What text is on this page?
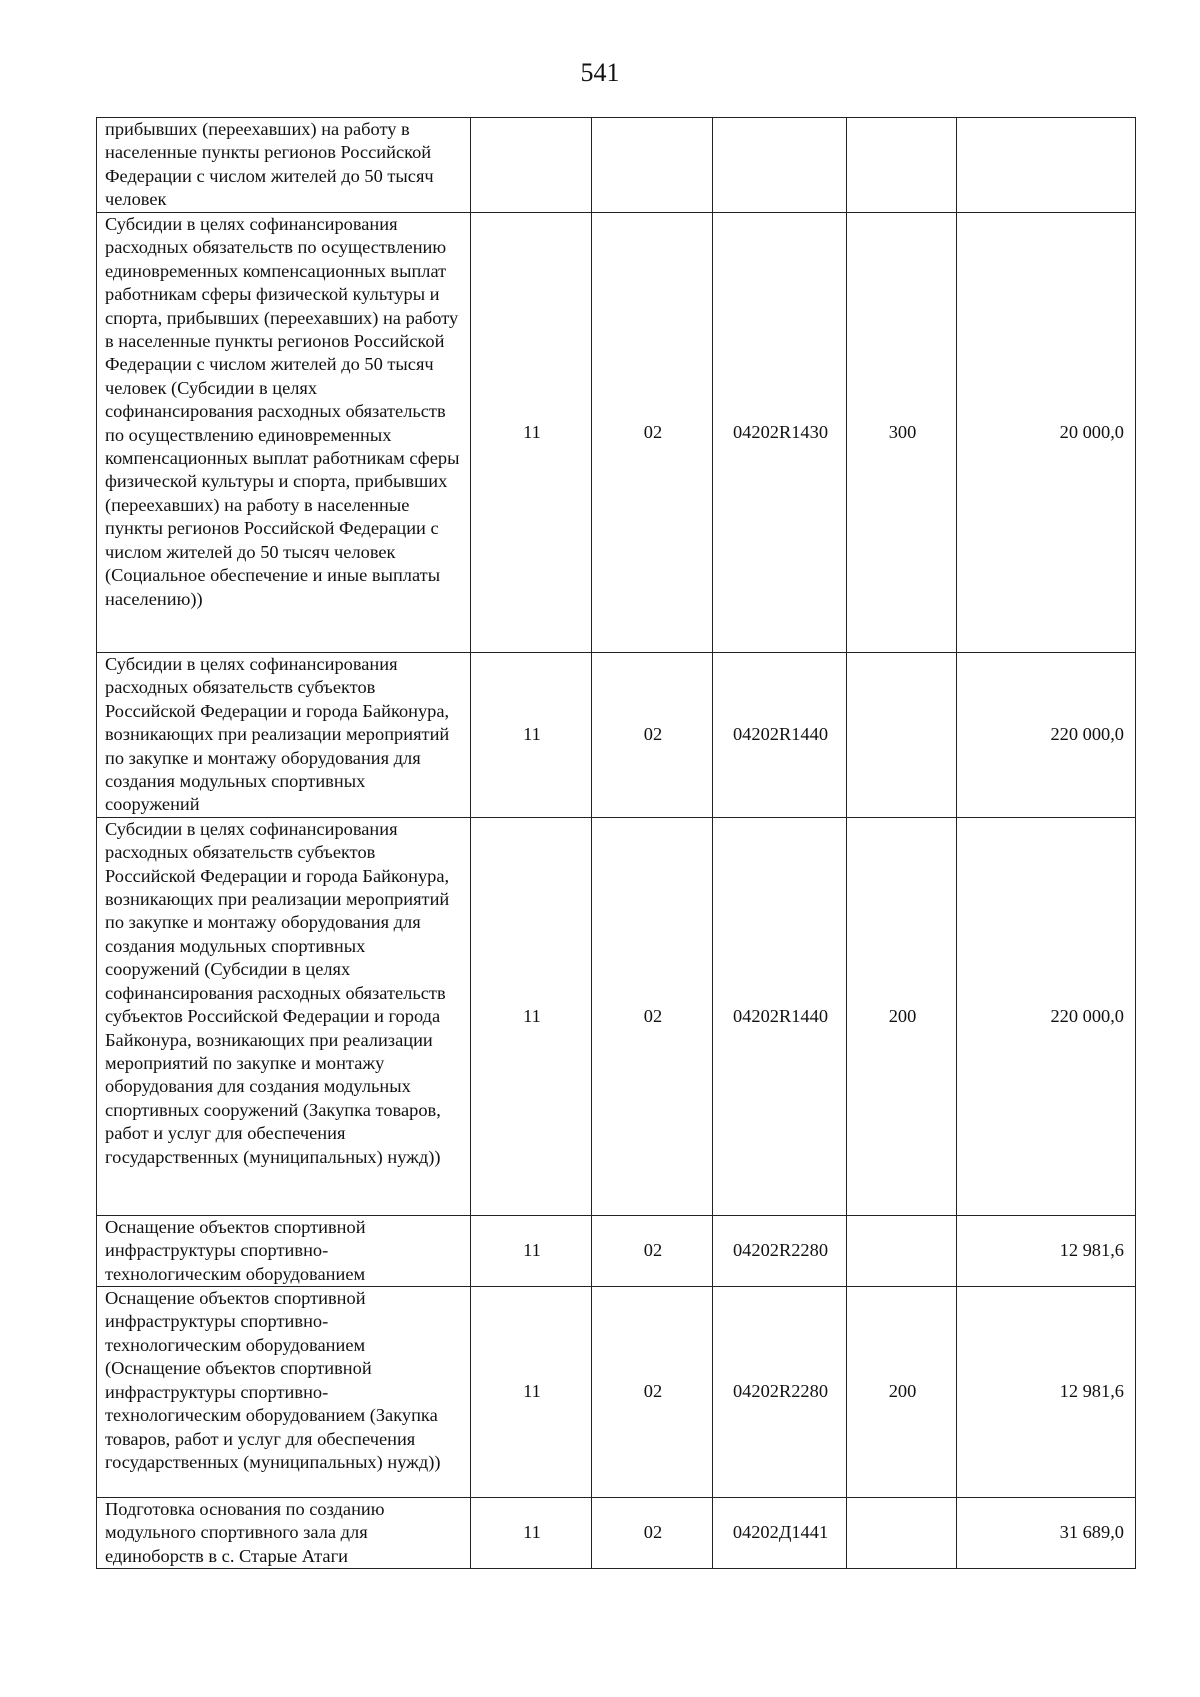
541
прибывших (переехавших) на работу в населенные пункты регионов Российской Федерации с числом жителей до 50 тысяч человек					
Субсидии в целях софинансирования расходных обязательств по осуществлению единовременных компенсационных выплат работникам сферы физической культуры и спорта, прибывших (переехавших) на работу в населенные пункты регионов Российской Федерации с числом жителей до 50 тысяч человек (Субсидии в целях софинансирования расходных обязательств по осуществлению единовременных компенсационных выплат работникам сферы физической культуры и спорта, прибывших (переехавших) на работу в населенные пункты регионов Российской Федерации с числом жителей до 50 тысяч человек (Социальное обеспечение и иные выплаты населению))	11	02	04202R1430	300	20 000,0
Субсидии в целях софинансирования расходных обязательств субъектов Российской Федерации и города Байконура, возникающих при реализации мероприятий по закупке и монтажу оборудования для создания модульных спортивных сооружений	11	02	04202R1440		220 000,0
Субсидии в целях софинансирования расходных обязательств субъектов Российской Федерации и города Байконура, возникающих при реализации мероприятий по закупке и монтажу оборудования для создания модульных спортивных сооружений (Субсидии в целях софинансирования расходных обязательств субъектов Российской Федерации и города Байконура, возникающих при реализации мероприятий по закупке и монтажу оборудования для создания модульных спортивных сооружений (Закупка товаров, работ и услуг для обеспечения государственных (муниципальных) нужд))	11	02	04202R1440	200	220 000,0
Оснащение объектов спортивной инфраструктуры спортивно-технологическим оборудованием	11	02	04202R2280		12 981,6
Оснащение объектов спортивной инфраструктуры спортивно-технологическим оборудованием (Оснащение объектов спортивной инфраструктуры спортивно-технологическим оборудованием (Закупка товаров, работ и услуг для обеспечения государственных (муниципальных) нужд))	11	02	04202R2280	200	12 981,6
Подготовка основания по созданию модульного спортивного зала для единоборств в с. Старые Атаги	11	02	04202Д1441		31 689,0
